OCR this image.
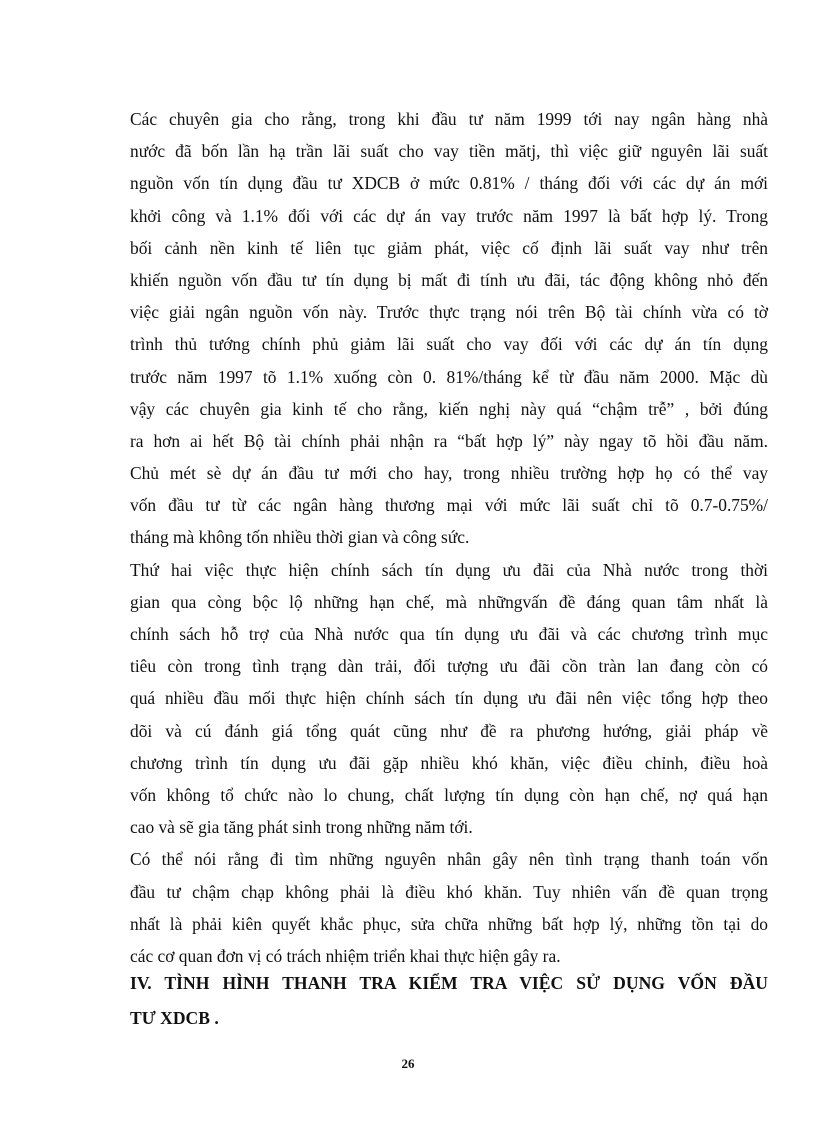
Các chuyên gia cho rằng, trong khi đầu tư năm 1999 tới nay ngân hàng nhà
nước đã bốn lần hạ trần lãi suất cho vay tiền mătj, thì việc giữ nguyên lãi suất
nguồn vốn tín dụng đầu tư XDCB ở mức 0.81% / tháng đối với các dự án mới
khởi công và 1.1% đối với các dự án vay trước năm 1997 là bất hợp lý. Trong
bối cảnh nền kinh tế liên tục giảm phát, việc cố định lãi suất vay như trên
khiến nguồn vốn đầu tư tín dụng bị mất đi tính ưu đãi, tác động không nhỏ đến
việc giải ngân nguồn vốn này. Trước thực trạng nói trên Bộ tài chính vừa có tờ
trình thủ tướng chính phủ giảm lãi suất cho vay đối với các dự án tín dụng
trước năm 1997 tõ 1.1% xuống còn 0. 81%/tháng kể từ đầu năm 2000. Mặc dù
vậy các chuyên gia kinh tế cho rằng, kiến nghị này quá “chậm trễ” , bởi đúng
ra hơn ai hết Bộ tài chính phải nhận ra “bất hợp lý” này ngay tõ hồi đầu năm.
Chủ mét sè dự án đầu tư mới cho hay, trong nhiều trường hợp họ có thể vay
vốn đầu tư từ các ngân hàng thương mại với mức lãi suất chỉ tõ 0.7-0.75%/
tháng mà không tốn nhiều thời gian và công sức.
Thứ hai việc thực hiện chính sách tín dụng ưu đãi của Nhà nước trong thời
gian qua còng bộc lộ những hạn chế, mà nhữngvấn đề đáng quan tâm nhất là
chính sách hỗ trợ của Nhà nước qua tín dụng ưu đãi và các chương trình mục
tiêu còn trong tình trạng dàn trải, đối tượng ưu đãi cồn tràn lan đang còn có
quá nhiều đầu mối thực hiện chính sách tín dụng ưu đãi nên việc tổng hợp theo
dõi và cú đánh giá tổng quát cũng như đề ra phương hướng, giải pháp về
chương trình tín dụng ưu đãi gặp nhiều khó khăn, việc điều chỉnh, điều hoà
vốn không tổ chức nào lo chung, chất lượng tín dụng còn hạn chế, nợ quá hạn
cao và sẽ gia tăng phát sinh trong những năm tới.
Có thể nói rằng đi tìm những nguyên nhân gây nên tình trạng thanh toán vốn
đầu tư chậm chạp không phải là điều khó khăn. Tuy nhiên vấn đề quan trọng
nhất là phải kiên quyết khắc phục, sửa chữa những bất hợp lý, những tồn tại do
các cơ quan đơn vị có trách nhiệm triển khai thực hiện gây ra.
IV. TÌNH HÌNH THANH TRA KIỂM TRA VIỆC SỬ DỤNG VỐN ĐẦU
TƯ XDCB .
26
